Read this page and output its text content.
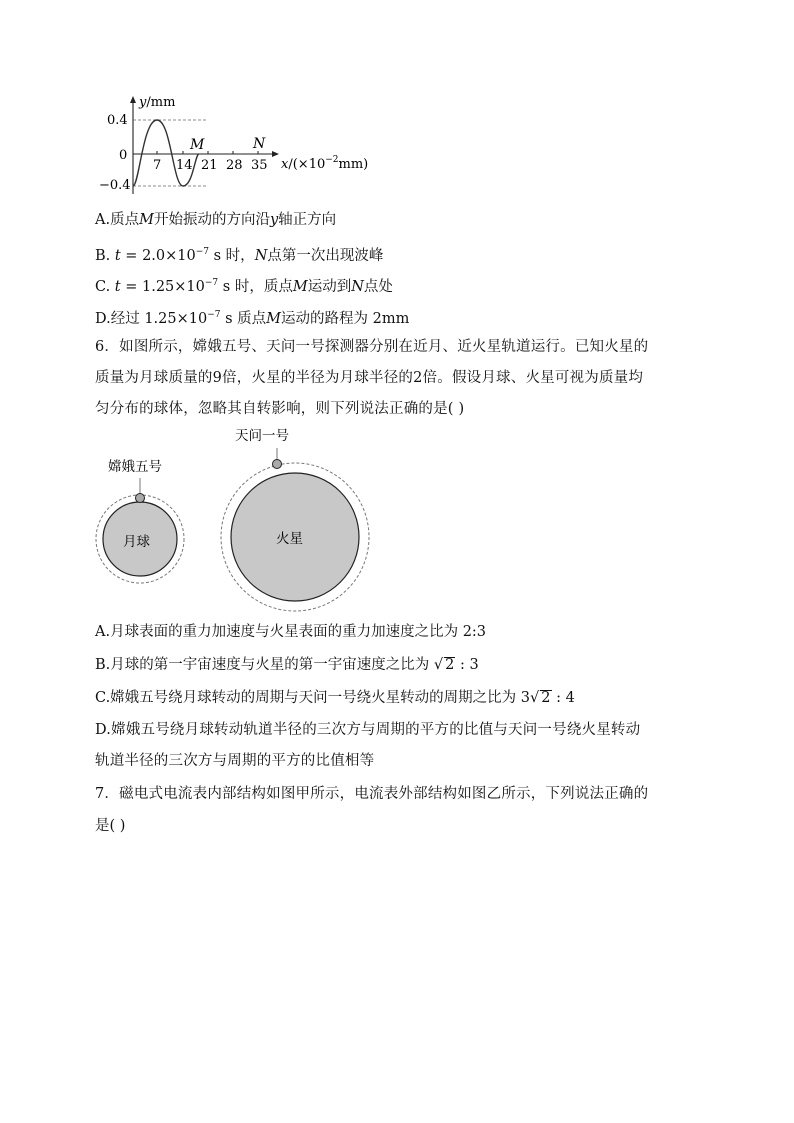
y/mm
0.4
0
−0.4
7 14 21 28 35
M	N
$x/(\times 10^{-2}mm)$
A.质点M开始振动的方向沿y轴正方向
B. $t = 2.0\times 10^{-7}$ s 时，N点第一次出现波峰
C. $t = 1.25\times 10^{-7}$ s 时，质点M运动到N点处
D.经过 $1.25\times 10^{-7}$ s 质点M运动的路程为 2mm
6．如图所示，嫦娥五号、天问一号探测器分别在近月、近火星轨道运行。已知火星的
质量为月球质量的9倍，火星的半径为月球半径的2倍。假设月球、火星可视为质量均
匀分布的球体，忽略其自转影响，则下列说法正确的是( )
嫦娥五号
月球
天问一号
火星
A.月球表面的重力加速度与火星表面的重力加速度之比为 2:3
B.月球的第一宇宙速度与火星的第一宇宙速度之比为 √ 2 : 3
C.嫦娥五号绕月球转动的周期与天问一号绕火星转动的周期之比为 3√ 2 : 4
D.嫦娥五号绕月球转动轨道半径的三次方与周期的平方的比值与天问一号绕火星转动
轨道半径的三次方与周期的平方的比值相等
7．磁电式电流表内部结构如图甲所示，电流表外部结构如图乙所示，下列说法正确的
是( )
